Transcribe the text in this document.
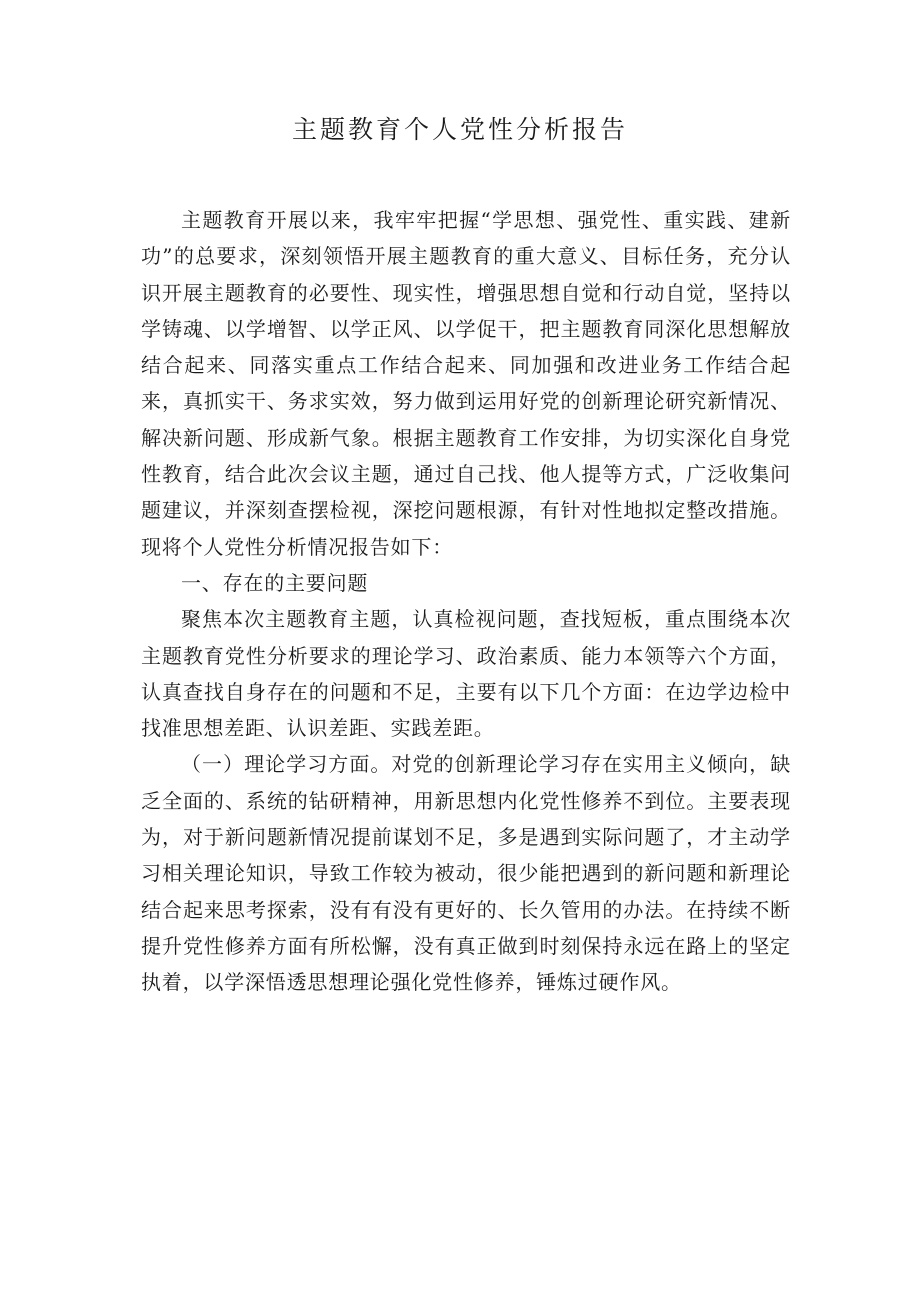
主题教育个人党性分析报告

主题教育开展以来，我牢牢把握“学思想、强党性、重实践、建新功”的总要求，深刻领悟开展主题教育的重大意义、目标任务，充分认识开展主题教育的必要性、现实性，增强思想自觉和行动自觉，坚持以学铸魂、以学增智、以学正风、以学促干，把主题教育同深化思想解放结合起来、同落实重点工作结合起来、同加强和改进业务工作结合起来，真抓实干、务求实效，努力做到运用好党的创新理论研究新情况、解决新问题、形成新气象。根据主题教育工作安排，为切实深化自身党性教育，结合此次会议主题，通过自己找、他人提等方式，广泛收集问题建议，并深刻查摆检视，深挖问题根源，有针对性地拟定整改措施。现将个人党性分析情况报告如下：

一、存在的主要问题

聚焦本次主题教育主题，认真检视问题，查找短板，重点围绕本次主题教育党性分析要求的理论学习、政治素质、能力本领等六个方面，认真查找自身存在的问题和不足，主要有以下几个方面：在边学边检中找准思想差距、认识差距、实践差距。

（一）理论学习方面。对党的创新理论学习存在实用主义倾向，缺乏全面的、系统的钻研精神，用新思想内化党性修养不到位。主要表现为，对于新问题新情况提前谋划不足，多是遇到实际问题了，才主动学习相关理论知识，导致工作较为被动，很少能把遇到的新问题和新理论结合起来思考探索，没有有没有更好的、长久管用的办法。在持续不断提升党性修养方面有所松懈，没有真正做到时刻保持永远在路上的坚定执着，以学深悟透思想理论强化党性修养，锤炼过硬作风。
